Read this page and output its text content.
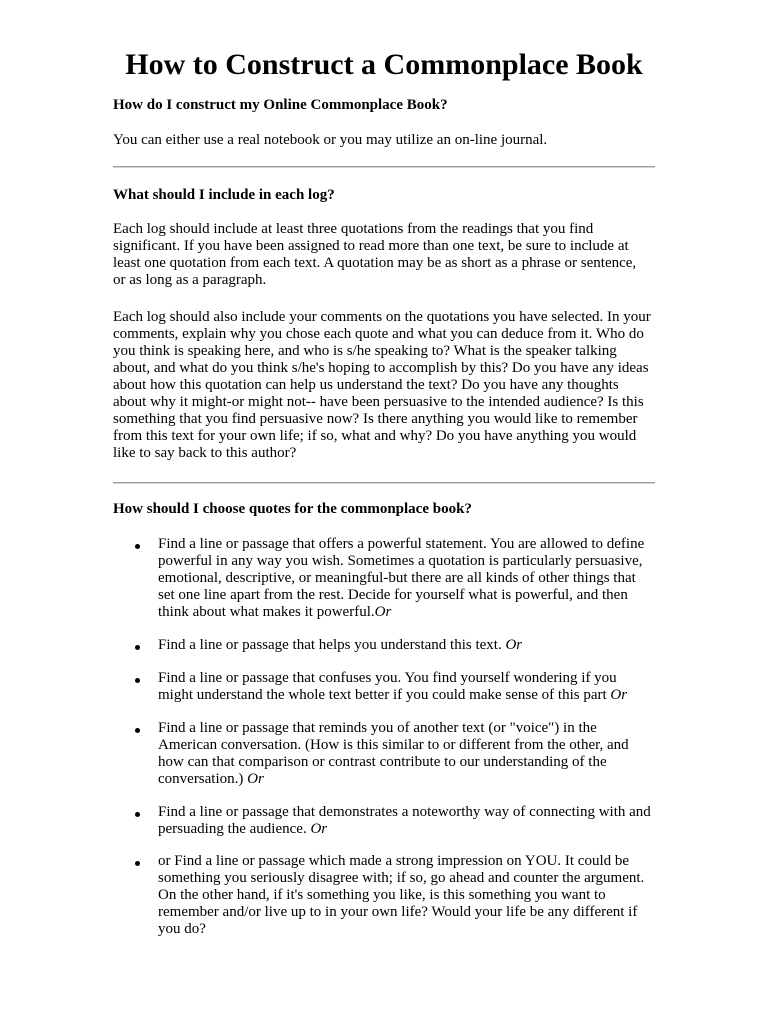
How to Construct a Commonplace Book
How do I construct my Online Commonplace Book?
You can either use a real notebook or you may utilize an on-line journal.
What should I include in each log?
Each log should include at least three quotations from the readings that you find
significant. If you have been assigned to read more than one text, be sure to include at
least one quotation from each text. A quotation may be as short as a phrase or sentence,
or as long as a paragraph.
Each log should also include your comments on the quotations you have selected. In your
comments, explain why you chose each quote and what you can deduce from it. Who do
you think is speaking here, and who is s/he speaking to? What is the speaker talking
about, and what do you think s/he's hoping to accomplish by this? Do you have any ideas
about how this quotation can help us understand the text? Do you have any thoughts
about why it might-or might not-- have been persuasive to the intended audience? Is this
something that you find persuasive now? Is there anything you would like to remember
from this text for your own life; if so, what and why? Do you have anything you would
like to say back to this author?
How should I choose quotes for the commonplace book?
Find a line or passage that offers a powerful statement. You are allowed to define
powerful in any way you wish. Sometimes a quotation is particularly persuasive,
emotional, descriptive, or meaningful-but there are all kinds of other things that
set one line apart from the rest. Decide for yourself what is powerful, and then
think about what makes it powerful.Or
Find a line or passage that helps you understand this text. Or
Find a line or passage that confuses you. You find yourself wondering if you
might understand the whole text better if you could make sense of this part Or
Find a line or passage that reminds you of another text (or "voice") in the
American conversation. (How is this similar to or different from the other, and
how can that comparison or contrast contribute to our understanding of the
conversation.) Or
Find a line or passage that demonstrates a noteworthy way of connecting with and
persuading the audience. Or
or Find a line or passage which made a strong impression on YOU. It could be
something you seriously disagree with; if so, go ahead and counter the argument.
On the other hand, if it's something you like, is this something you want to
remember and/or live up to in your own life? Would your life be any different if
you do?
